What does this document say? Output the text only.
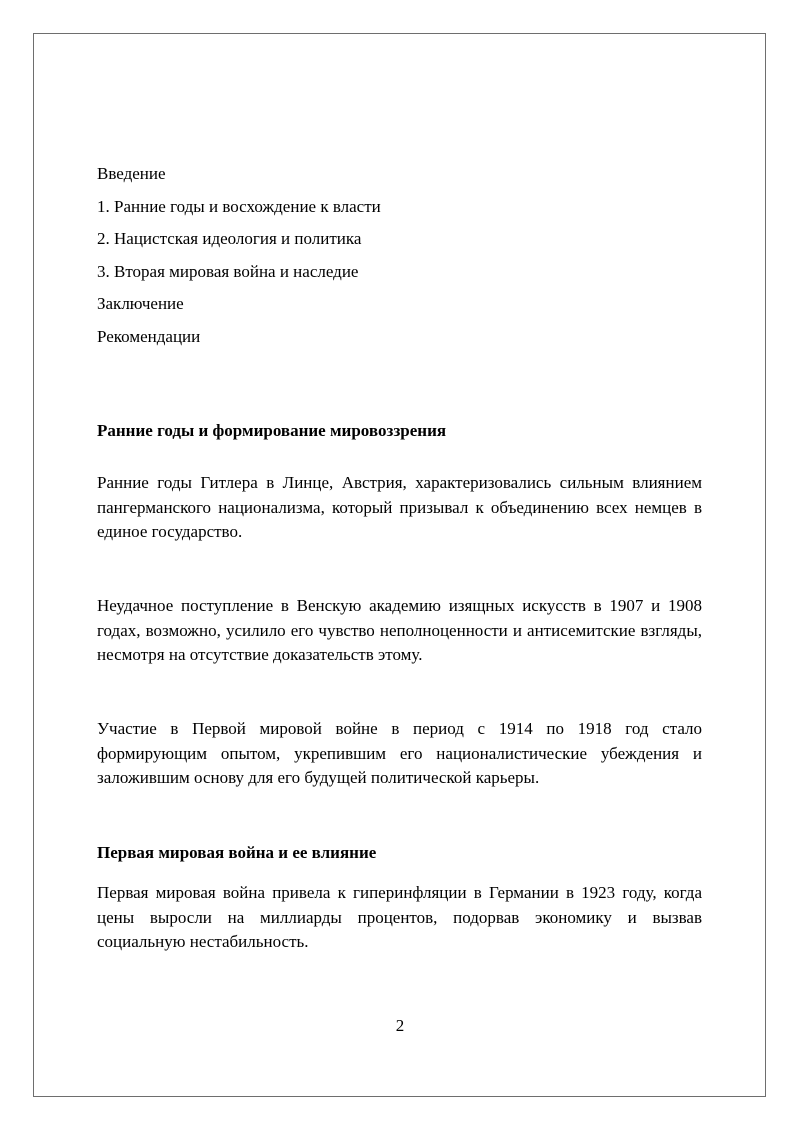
Введение
1. Ранние годы и восхождение к власти
2. Нацистская идеология и политика
3. Вторая мировая война и наследие
Заключение
Рекомендации
Ранние годы и формирование мировоззрения
Ранние годы Гитлера в Линце, Австрия, характеризовались сильным влиянием пангерманского национализма, который призывал к объединению всех немцев в единое государство.
Неудачное поступление в Венскую академию изящных искусств в 1907 и 1908 годах, возможно, усилило его чувство неполноценности и антисемитские взгляды, несмотря на отсутствие доказательств этому.
Участие в Первой мировой войне в период с 1914 по 1918 год стало формирующим опытом, укрепившим его националистические убеждения и заложившим основу для его будущей политической карьеры.
Первая мировая война и ее влияние
Первая мировая война привела к гиперинфляции в Германии в 1923 году, когда цены выросли на миллиарды процентов, подорвав экономику и вызвав социальную нестабильность.
2
